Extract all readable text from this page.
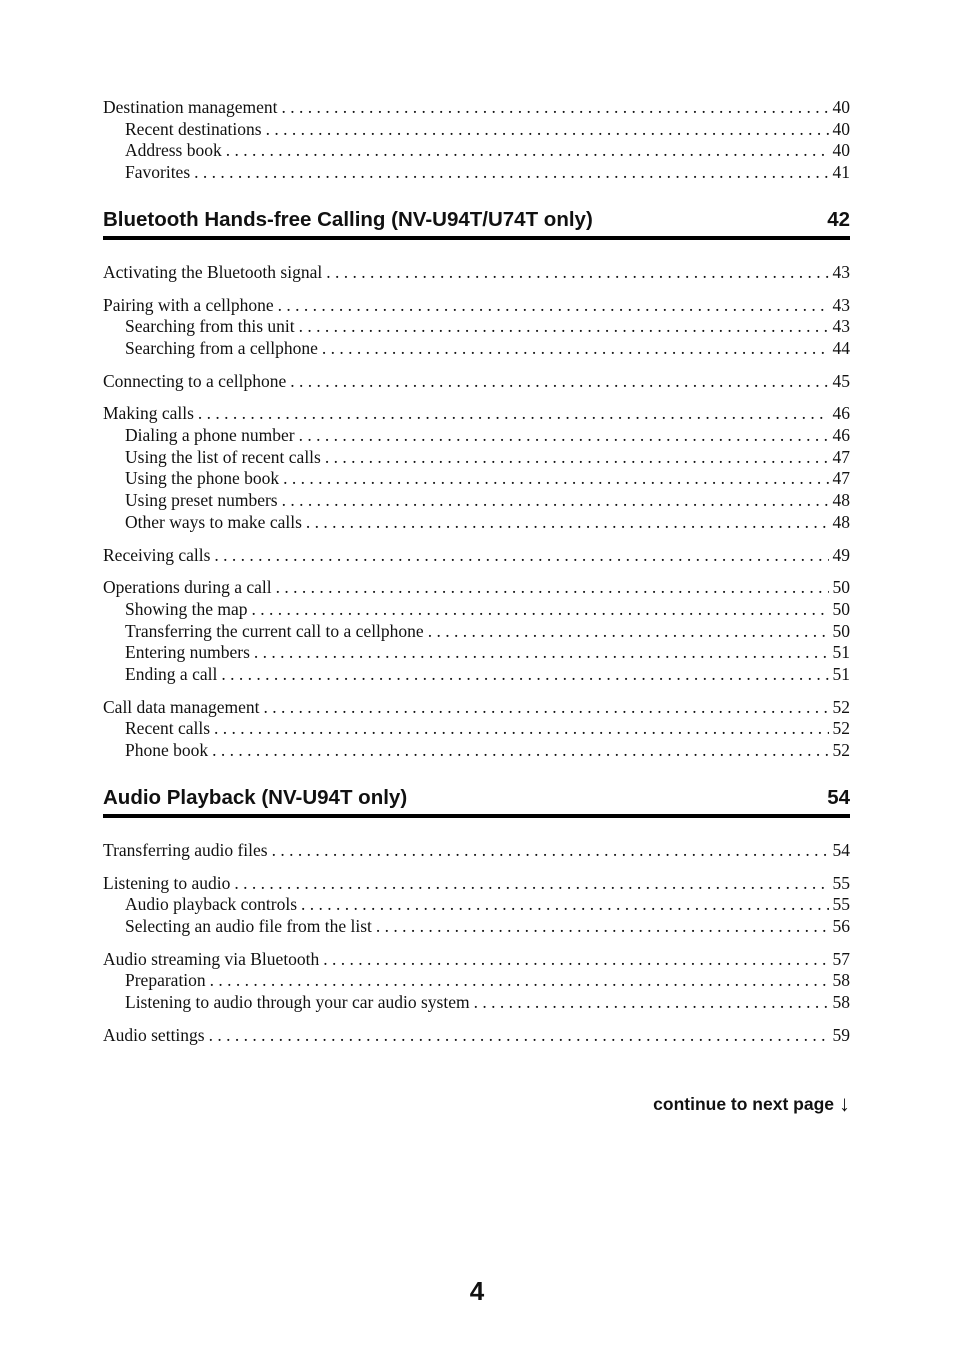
Destination management . . .	40
Recent destinations . . .	40
Address book . . .	40
Favorites . . .	41
Bluetooth Hands-free Calling (NV-U94T/U74T only)	42
Activating the Bluetooth signal . . .	43
Pairing with a cellphone . . .	43
Searching from this unit . . .	43
Searching from a cellphone . . .	44
Connecting to a cellphone . . .	45
Making calls . . .	46
Dialing a phone number . . .	46
Using the list of recent calls . . .	47
Using the phone book . . .	47
Using preset numbers . . .	48
Other ways to make calls . . .	48
Receiving calls . . .	49
Operations during a call . . .	50
Showing the map . . .	50
Transferring the current call to a cellphone . . .	50
Entering numbers . . .	51
Ending a call . . .	51
Call data management . . .	52
Recent calls . . .	52
Phone book . . .	52
Audio Playback (NV-U94T only)	54
Transferring audio files . . .	54
Listening to audio . . .	55
Audio playback controls . . .	55
Selecting an audio file from the list . . .	56
Audio streaming via Bluetooth . . .	57
Preparation . . .	58
Listening to audio through your car audio system . . .	58
Audio settings . . .	59
continue to next page ↓
4
